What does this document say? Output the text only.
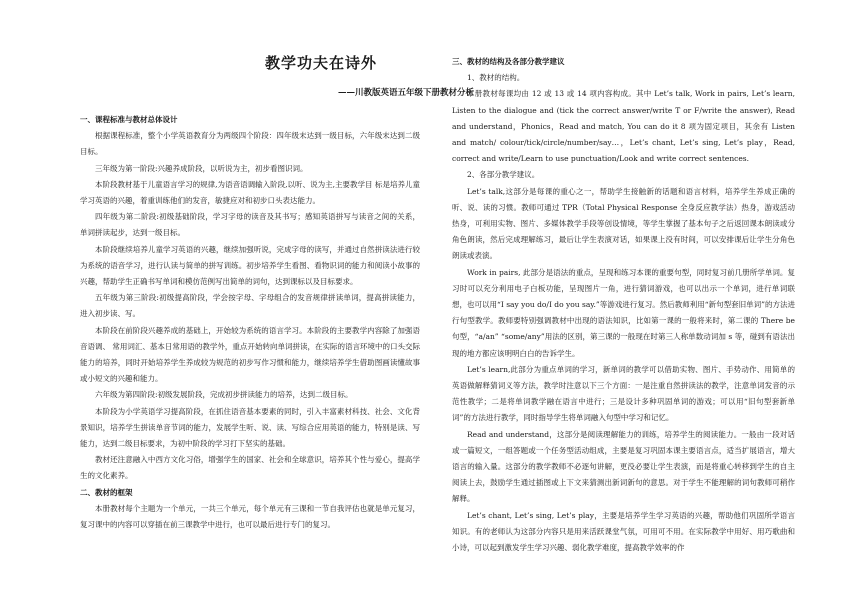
教学功夫在诗外
——川教版英语五年级下册教材分析

一、课程标准与教材总体设计

根据课程标准，整个小学英语教育分为两级四个阶段：四年级末达到一级目标，六年级末达到二级目标。

三年级为第一阶段:兴趣养成阶段，以听说为主，初步看图识词。

本阶段教材基于儿童语言学习的规律,为语音语调输入阶段,以听、说为主,主要教学目 标是培养儿童学习英语的兴趣，着重训练他们的发音，敏捷应对和初步口头表达能力。

四年级为第二阶段:初级基础阶段，学习字母的读音及其书写；感知英语拼写与读音之间的关系，单词拼读起步，达到一级目标。

本阶段继续培养儿童学习英语的兴趣，继续加强听说，完成字母的读写，并通过自然拼读法进行较为系统的语音学习，进行认读与简单的拼写训练。初步培养学生看图、看物识词的能力和阅读小故事的兴趣，帮助学生正确书写单词和模仿范例写出简单的词句，达到课标以及目标要求。

五年级为第三阶段:初级提高阶段，学会按字母、字母组合的发音规律拼读单词，提高拼读能力，进入初步读、写。

本阶段在前阶段兴趣养成的基础上，开始较为系统的语言学习。本阶段的主要教学内容除了加强语音语调、 常用词汇、基本日常用语的教学外，重点开始转向单词拼读，在实际的语言环境中的口头交际能力的培养，同时开始培养学生养成较为规范的初步写作习惯和能力，继续培养学生借助图画读懂故事或小短文的兴趣和能力。

六年级为第四阶段:初级发展阶段，完成初步拼读能力的培养，达到二级目标。

本阶段为小学英语学习提高阶段，在抓住语音基本要素的同时，引入丰富素材科技、社会、文化背景知识，培养学生拼读单音节词的能力，发展学生听、说、读、写综合应用英语的能力，特别是读、写能力，达到二级目标要求，为初中阶段的学习打下坚实的基础。

教材还注意融入中西方文化习俗，增强学生的国家、社会和全球意识，培养其个性与爱心，提高学生的文化素养。

二、教材的框架

本册教材每个主题为一个单元，一共三个单元，每个单元有三课和一节自我评估也就是单元复习，复习课中的内容可以穿插在前三课教学中进行，也可以最后进行专门的复习。

三、教材的结构及各部分教学建议

1、教材的结构。

本册教材每课均由 12 或 13 或 14 项内容构成。其中 Let’s talk, Work in pairs, Let’s learn, Listen to the dialogue and (tick the correct answer/write T or F/write the answer), Read and understand，Phonics，Read and match, You can do it 8 项为固定项目，其余有 Listen and match/ colour/tick/circle/number/say…，Let’s chant, Let’s sing, Let’s play，Read, correct and write/Learn to use punctuation/Look and write correct sentences.

2、各部分教学建议。

Let’s talk,这部分是每课的重心之一，帮助学生接触新的话题和语言材料，培养学生养成正确的听、说、读的习惯。教师可通过 TPR（Total Physical Response 全身反应教学法）热身，游戏活动热身，可利用实物、图片、多媒体教学手段等创设情境，等学生掌握了基本句子之后返回课本朗读或分角色朗读，然后完成理解练习，最后让学生表演对话，如果课上没有时间，可以安排课后让学生分角色朗读或表演。

Work in pairs, 此部分是语法的重点，呈现和练习本课的重要句型，同时复习前几册所学单词。复习时可以充分利用电子白板功能，呈现图片一角，进行猜词游戏，也可以出示一个单词，进行单词联想，也可以用“I say you do/I do you say.”等游戏进行复习。然后教师利用“新句型套旧单词”的方法进行句型教学。教师要特别强调教材中出现的语法知识，比如第一课的一般将来时，第二课的 There be 句型，“a/an” “some/any”用法的区别，第三课的一般现在时第三人称单数动词加 s 等，碰到有语法出现的地方都应该明明白白的告诉学生。

Let’s learn,此部分为重点单词的学习，新单词的教学可以借助实物、图片、手势动作、用简单的英语做解释猜词义等方法，教学时注意以下三个方面：一是注重自然拼读法的教学，注意单词发音的示范性教学；二是将单词教学融在语言中进行；三是设计多种巩固单词的游戏；可以用“旧句型套新单词”的方法进行教学，同时指导学生将单词融入句型中学习和记忆。

Read and understand，这部分是阅读理解能力的训练，培养学生的阅读能力。一般由一段对话或一篇短文，一组答题或一个任务型活动组成，主要是复习巩固本课主要语言点，适当扩展语言，增大语言的输入量。这部分的教学教师不必逐句讲解，更没必要让学生表演，而是将重心转移到学生的自主阅读上去，鼓励学生通过插图或上下文来猜测出新词新句的意思。对于学生不能理解的词句教师可稍作解释。

Let’s chant, Let’s sing, Let’s play，主要是培养学生学习英语的兴趣，帮助他们巩固所学语言知识。有的老师认为这部分内容只是用来活跃课堂气氛，可用可不用。在实际教学中用好、用巧歌曲和小诗，可以起到激发学生学习兴趣、弱化教学难度，提高教学效率的作
